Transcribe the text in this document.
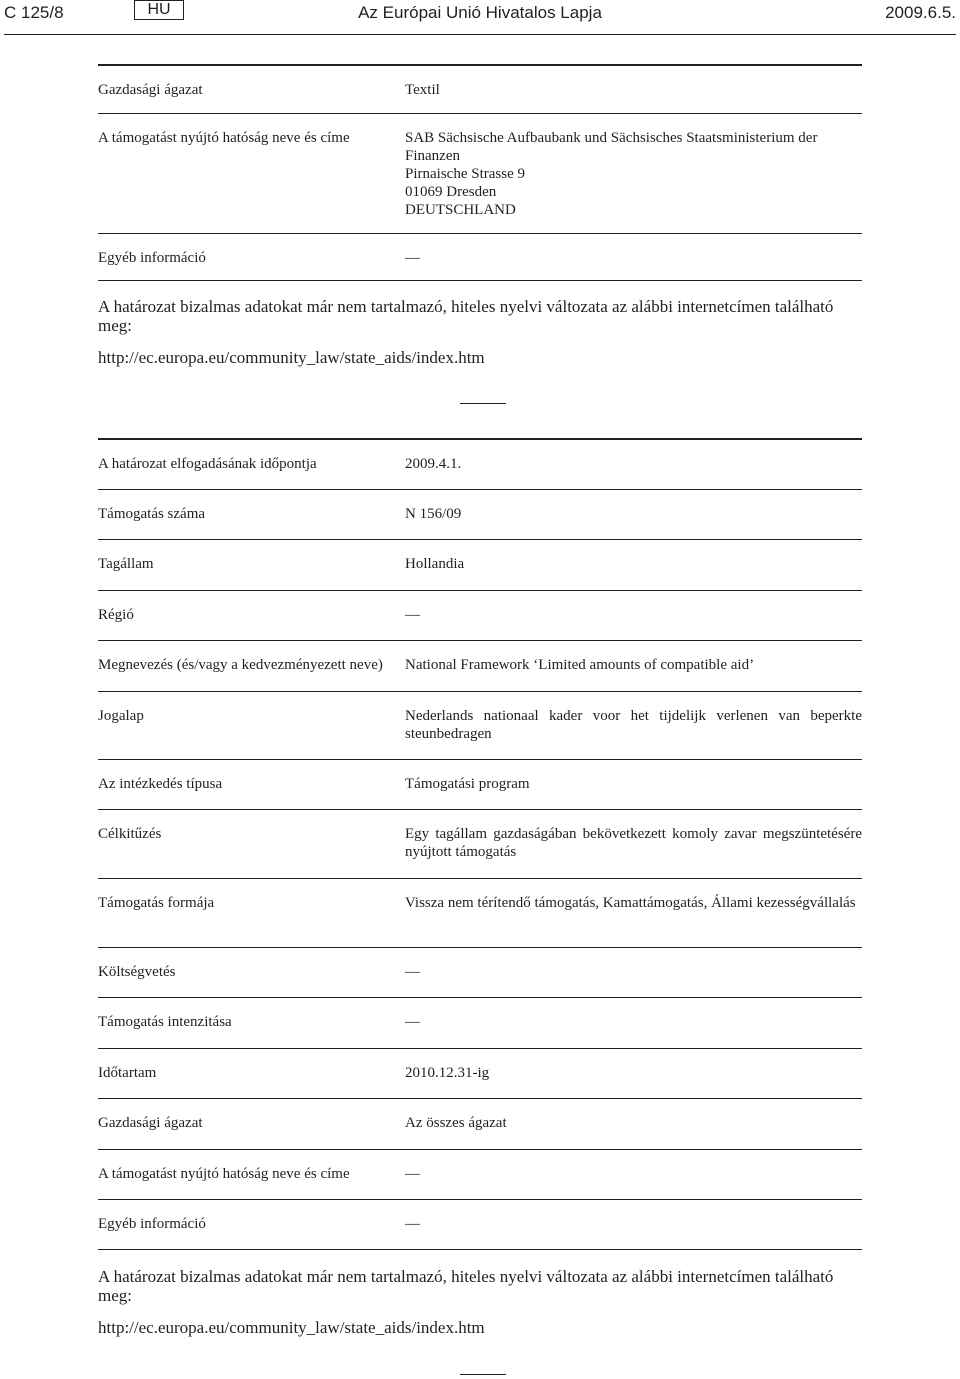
C 125/8	HU	Az Európai Unió Hivatalos Lapja	2009.6.5.
Gazdasági ágazat	Textil
A támogatást nyújtó hatóság neve és címe	SAB Sächsische Aufbaubank und Sächsisches Staatsministerium der Finanzen
Pirnaische Strasse 9
01069 Dresden
DEUTSCHLAND
Egyéb információ	—
A határozat bizalmas adatokat már nem tartalmazó, hiteles nyelvi változata az alábbi internetcímen található meg:
http://ec.europa.eu/community_law/state_aids/index.htm
A határozat elfogadásának időpontja	2009.4.1.
Támogatás száma	N 156/09
Tagállam	Hollandia
Régió	—
Megnevezés (és/vagy a kedvezményezett neve)	National Framework ‘Limited amounts of compatible aid’
Jogalap	Nederlands nationaal kader voor het tijdelijk verlenen van beperkte steunbedragen
Az intézkedés típusa	Támogatási program
Célkitűzés	Egy tagállam gazdaságában bekövetkezett komoly zavar megszüntetésére nyújtott támogatás
Támogatás formája	Vissza nem térítendő támogatás, Kamattámogatás, Állami kezességvállalás
Költségvetés	—
Támogatás intenzitása	—
Időtartam	2010.12.31-ig
Gazdasági ágazat	Az összes ágazat
A támogatást nyújtó hatóság neve és címe	—
Egyéb információ	—
A határozat bizalmas adatokat már nem tartalmazó, hiteles nyelvi változata az alábbi internetcímen található meg:
http://ec.europa.eu/community_law/state_aids/index.htm
